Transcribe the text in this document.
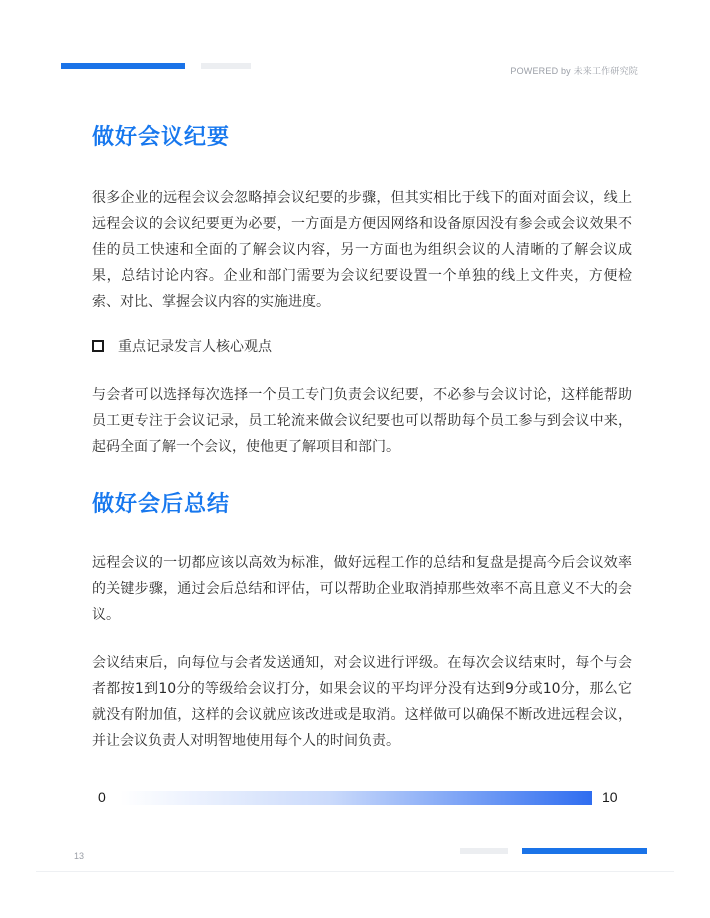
POWERED by 未来工作研究院
做好会议纪要

很多企业的远程会议会忽略掉会议纪要的步骤，但其实相比于线下的面对面会议，线上远程会议的会议纪要更为必要，一方面是方便因网络和设备原因没有参会或会议效果不佳的员工快速和全面的了解会议内容，另一方面也为组织会议的人清晰的了解会议成果，总结讨论内容。企业和部门需要为会议纪要设置一个单独的线上文件夹，方便检索、对比、掌握会议内容的实施进度。

重点记录发言人核心观点

与会者可以选择每次选择一个员工专门负责会议纪要，不必参与会议讨论，这样能帮助员工更专注于会议记录，员工轮流来做会议纪要也可以帮助每个员工参与到会议中来，起码全面了解一个会议，使他更了解项目和部门。

做好会后总结

远程会议的一切都应该以高效为标准，做好远程工作的总结和复盘是提高今后会议效率的关键步骤，通过会后总结和评估，可以帮助企业取消掉那些效率不高且意义不大的会议。

会议结束后，向每位与会者发送通知，对会议进行评级。在每次会议结束时，每个与会者都按1到10分的等级给会议打分，如果会议的平均评分没有达到9分或10分，那么它就没有附加值，这样的会议就应该改进或是取消。这样做可以确保不断改进远程会议，并让会议负责人对明智地使用每个人的时间负责。

0	10
13
